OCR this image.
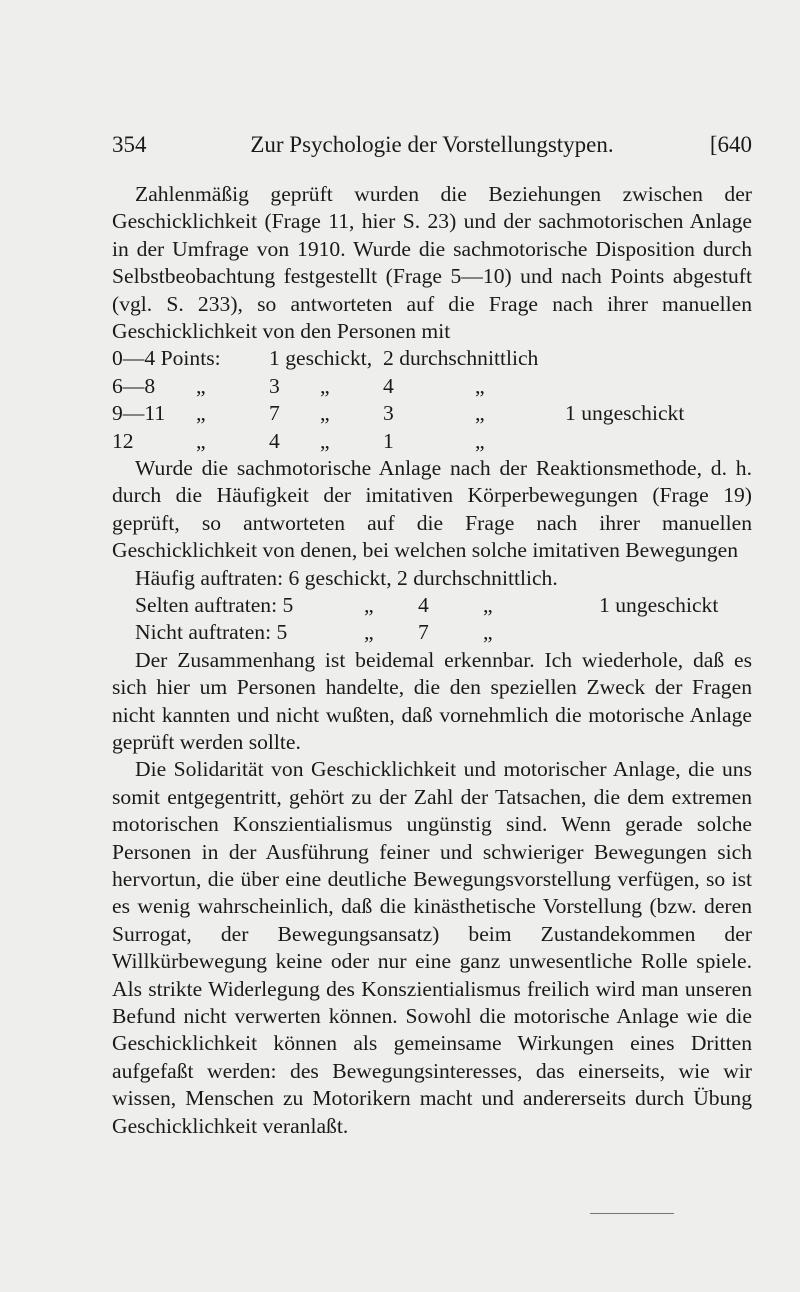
354	Zur Psychologie der Vorstellungstypen.	[640

Zahlenmäßig geprüft wurden die Beziehungen zwischen der Geschicklichkeit (Frage 11, hier S. 23) und der sachmotorischen Anlage in der Umfrage von 1910. Wurde die sachmotorische Disposition durch Selbstbeobachtung festgestellt (Frage 5—10) und nach Points abgestuft (vgl. S. 233), so antworteten auf die Frage nach ihrer manuellen Geschicklichkeit von den Personen mit

0—4 Points: 1 geschickt, 2 durchschnittlich
6—8 „	3 „ 4	„
9—11 „	7 „ 3	„	1 ungeschickt
12	„	4 „ 1	„

Wurde die sachmotorische Anlage nach der Reaktionsmethode, d. h. durch die Häufigkeit der imitativen Körperbewegungen (Frage 19) geprüft, so antworteten auf die Frage nach ihrer manuellen Geschicklichkeit von denen, bei welchen solche imitativen Bewegungen

Häufig auftraten: 6 geschickt, 2 durchschnittlich.
Selten auftraten: 5	„ 4	„	1 ungeschickt
Nicht auftraten: 5	„ 7	„

Der Zusammenhang ist beidemal erkennbar. Ich wiederhole, daß es sich hier um Personen handelte, die den speziellen Zweck der Fragen nicht kannten und nicht wußten, daß vornehmlich die motorische Anlage geprüft werden sollte.

Die Solidarität von Geschicklichkeit und motorischer Anlage, die uns somit entgegentritt, gehört zu der Zahl der Tatsachen, die dem extremen motorischen Konszientialismus ungünstig sind. Wenn gerade solche Personen in der Ausführung feiner und schwieriger Bewegungen sich hervortun, die über eine deutliche Bewegungsvorstellung verfügen, so ist es wenig wahrscheinlich, daß die kinästhetische Vorstellung (bzw. deren Surrogat, der Bewegungsansatz) beim Zustandekommen der Willkürbewegung keine oder nur eine ganz unwesentliche Rolle spiele. Als strikte Widerlegung des Konszientialismus freilich wird man unseren Befund nicht verwerten können. Sowohl die motorische Anlage wie die Geschicklichkeit können als gemeinsame Wirkungen eines Dritten aufgefaßt werden: des Bewegungsinteresses, das einerseits, wie wir wissen, Menschen zu Motorikern macht und andererseits durch Übung Geschicklichkeit veranlaßt.
